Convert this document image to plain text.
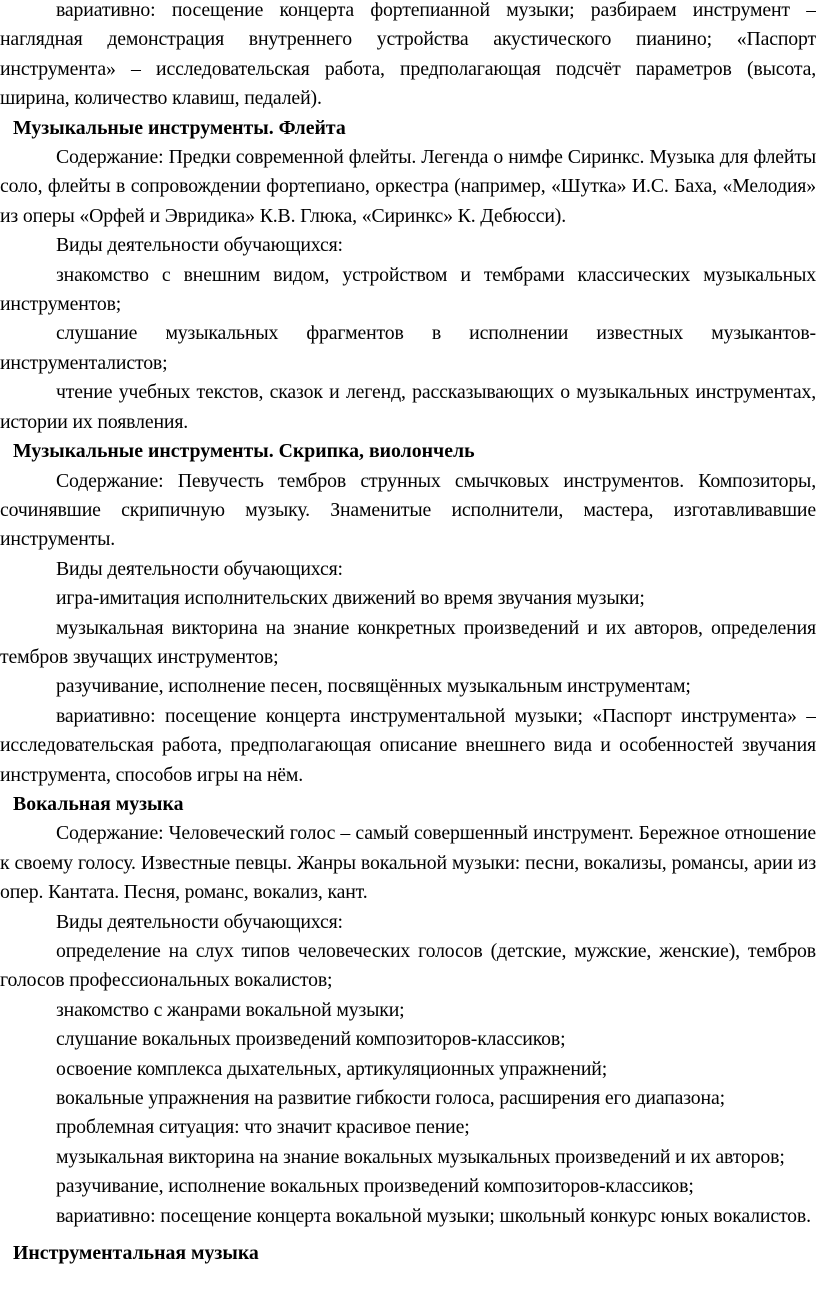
вариативно: посещение концерта фортепианной музыки; разбираем инструмент – наглядная демонстрация внутреннего устройства акустического пианино; «Паспорт инструмента» – исследовательская работа, предполагающая подсчёт параметров (высота, ширина, количество клавиш, педалей).

Музыкальные инструменты. Флейта

Содержание: Предки современной флейты. Легенда о нимфе Сиринкс. Музыка для флейты соло, флейты в сопровождении фортепиано, оркестра (например, «Шутка» И.С. Баха, «Мелодия» из оперы «Орфей и Эвридика» К.В. Глюка, «Сиринкс» К. Дебюсси).

Виды деятельности обучающихся:

знакомство с внешним видом, устройством и тембрами классических музыкальных инструментов;

слушание музыкальных фрагментов в исполнении известных музыкантов-инструменталистов;

чтение учебных текстов, сказок и легенд, рассказывающих о музыкальных инструментах, истории их появления.

Музыкальные инструменты. Скрипка, виолончель

Содержание: Певучесть тембров струнных смычковых инструментов. Композиторы, сочинявшие скрипичную музыку. Знаменитые исполнители, мастера, изготавливавшие инструменты.

Виды деятельности обучающихся:

игра-имитация исполнительских движений во время звучания музыки;

музыкальная викторина на знание конкретных произведений и их авторов, определения тембров звучащих инструментов;

разучивание, исполнение песен, посвящённых музыкальным инструментам;

вариативно: посещение концерта инструментальной музыки; «Паспорт инструмента» – исследовательская работа, предполагающая описание внешнего вида и особенностей звучания инструмента, способов игры на нём.

Вокальная музыка

Содержание: Человеческий голос – самый совершенный инструмент. Бережное отношение к своему голосу. Известные певцы. Жанры вокальной музыки: песни, вокализы, романсы, арии из опер. Кантата. Песня, романс, вокализ, кант.

Виды деятельности обучающихся:

определение на слух типов человеческих голосов (детские, мужские, женские), тембров голосов профессиональных вокалистов;

знакомство с жанрами вокальной музыки;

слушание вокальных произведений композиторов-классиков;

освоение комплекса дыхательных, артикуляционных упражнений;

вокальные упражнения на развитие гибкости голоса, расширения его диапазона;

проблемная ситуация: что значит красивое пение;

музыкальная викторина на знание вокальных музыкальных произведений и их авторов;

разучивание, исполнение вокальных произведений композиторов-классиков;

вариативно: посещение концерта вокальной музыки; школьный конкурс юных вокалистов.

Инструментальная музыка
